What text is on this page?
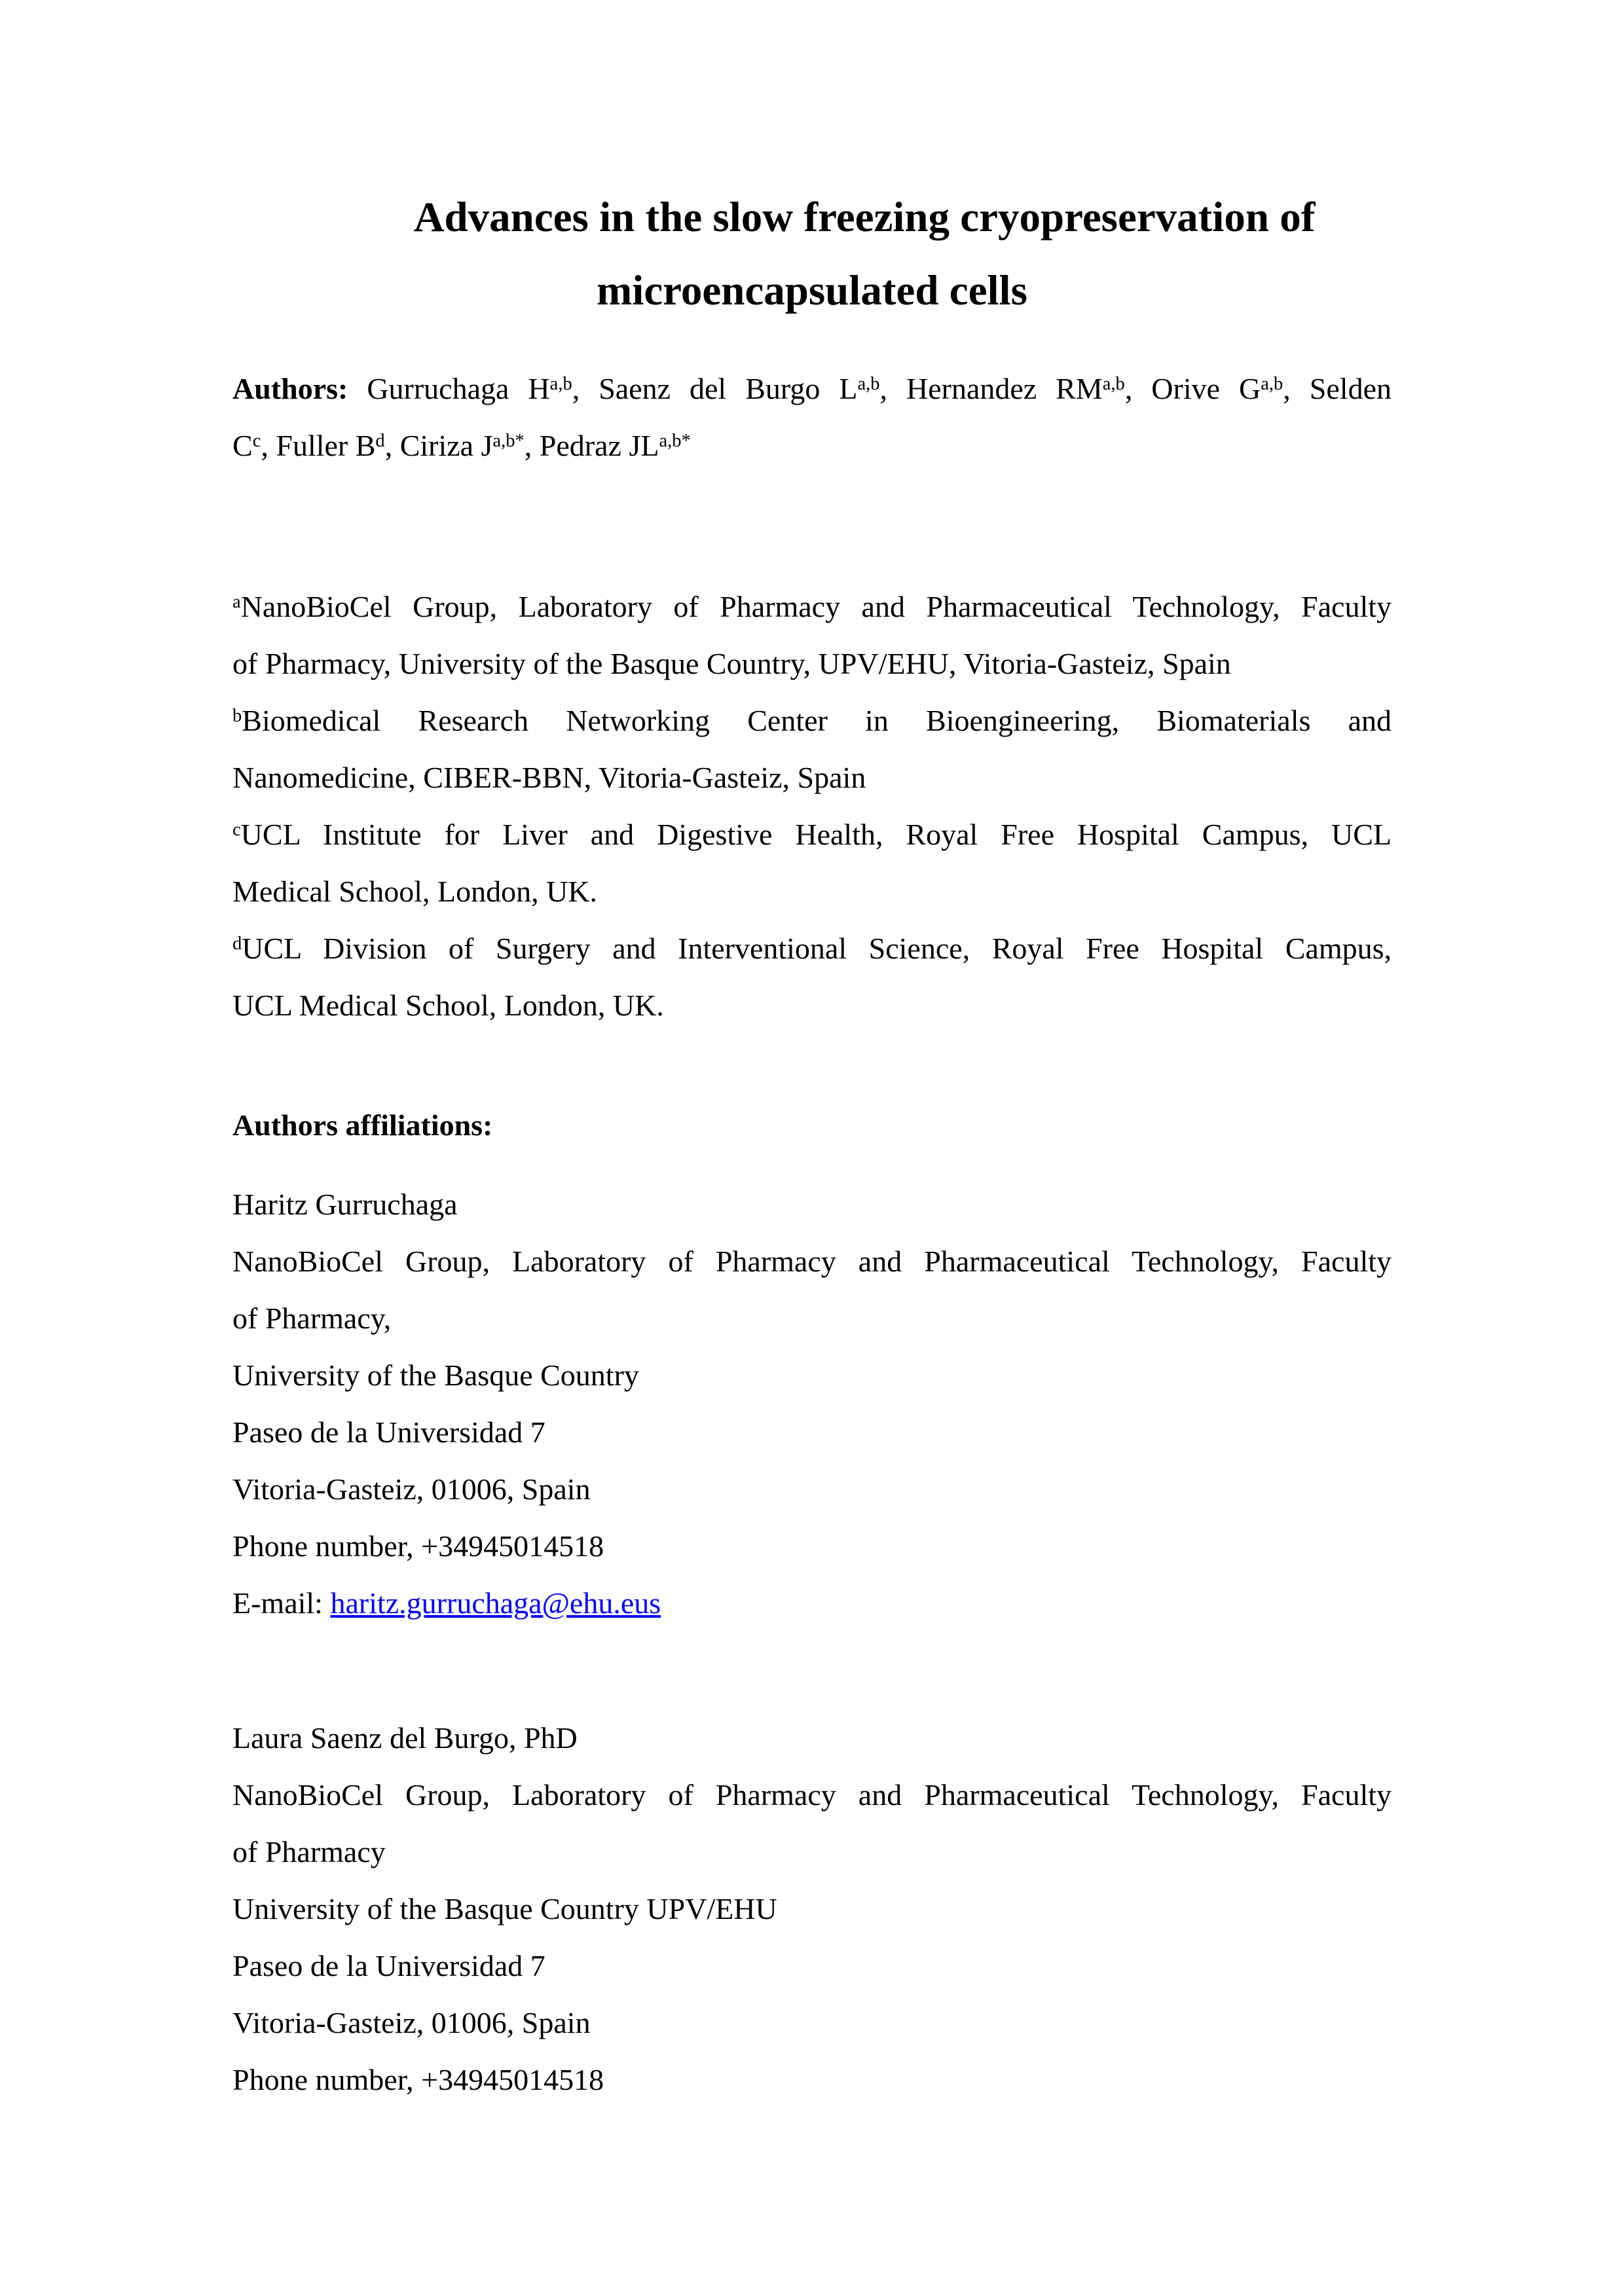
Advances in the slow freezing cryopreservation of
microencapsulated cells
Authors: Gurruchaga H$^{a,b}$, Saenz del Burgo L$^{a,b}$, Hernandez RM$^{a,b}$, Orive G$^{a,b}$, Selden
$C^c$, Fuller $B^d$, Ciriza $J^{a,b*}$, Pedraz $JL^{a,b*}$
$^a$NanoBioCel Group, Laboratory of Pharmacy and Pharmaceutical Technology, Faculty
of Pharmacy, University of the Basque Country, UPV/EHU, Vitoria-Gasteiz, Spain
$^b$Biomedical Research Networking Center in Bioengineering, Biomaterials and
Nanomedicine, CIBER-BBN, Vitoria-Gasteiz, Spain
$^c$UCL Institute for Liver and Digestive Health, Royal Free Hospital Campus, UCL
Medical School, London, UK.
$^d$UCL Division of Surgery and Interventional Science, Royal Free Hospital Campus,
UCL Medical School, London, UK.
Authors affiliations:
Haritz Gurruchaga
NanoBioCel Group, Laboratory of Pharmacy and Pharmaceutical Technology, Faculty
of Pharmacy,
University of the Basque Country
Paseo de la Universidad 7
Vitoria-Gasteiz, 01006, Spain
Phone number, +34945014518
E-mail: haritz.gurruchaga@ehu.eus
Laura Saenz del Burgo, PhD
NanoBioCel Group, Laboratory of Pharmacy and Pharmaceutical Technology, Faculty
of Pharmacy
University of the Basque Country UPV/EHU
Paseo de la Universidad 7
Vitoria-Gasteiz, 01006, Spain
Phone number, +34945014518
